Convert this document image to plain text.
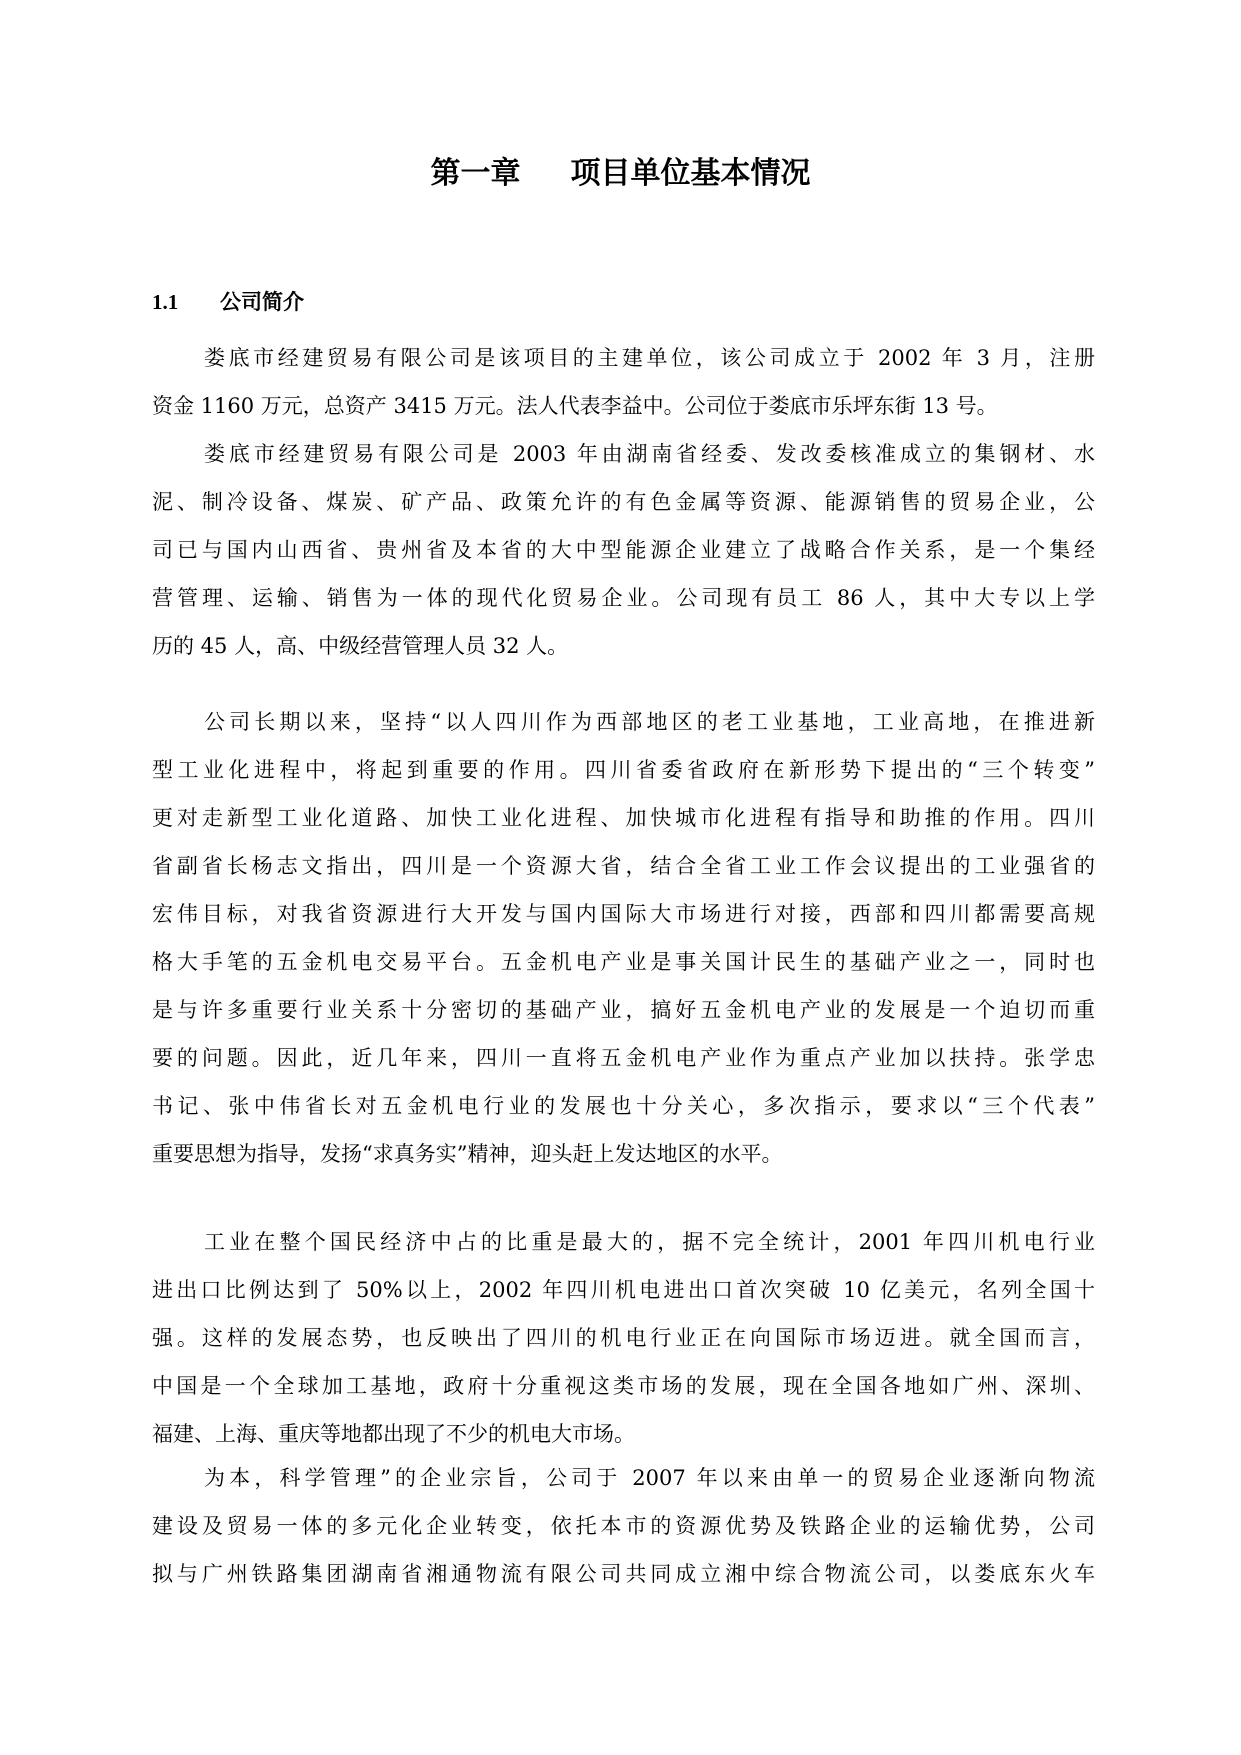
第一章 项目单位基本情况
1.1 公司简介
娄底市经建贸易有限公司是该项目的主建单位，该公司成立于 2002 年 3 月，注册
资金 1160 万元，总资产 3415 万元。法人代表李益中。公司位于娄底市乐坪东街 13 号。
娄底市经建贸易有限公司是 2003 年由湖南省经委、发改委核准成立的集钢材、水
泥、制冷设备、煤炭、矿产品、政策允许的有色金属等资源、能源销售的贸易企业，公
司已与国内山西省、贵州省及本省的大中型能源企业建立了战略合作关系，是一个集经
营管理、运输、销售为一体的现代化贸易企业。公司现有员工 86 人，其中大专以上学
历的 45 人，高、中级经营管理人员 32 人。
公司长期以来，坚持“以人四川作为西部地区的老工业基地，工业高地，在推进新
型工业化进程中，将起到重要的作用。四川省委省政府在新形势下提出的“三个转变”
更对走新型工业化道路、加快工业化进程、加快城市化进程有指导和助推的作用。四川
省副省长杨志文指出，四川是一个资源大省，结合全省工业工作会议提出的工业强省的
宏伟目标，对我省资源进行大开发与国内国际大市场进行对接，西部和四川都需要高规
格大手笔的五金机电交易平台。五金机电产业是事关国计民生的基础产业之一，同时也
是与许多重要行业关系十分密切的基础产业，搞好五金机电产业的发展是一个迫切而重
要的问题。因此，近几年来，四川一直将五金机电产业作为重点产业加以扶持。张学忠
书记、张中伟省长对五金机电行业的发展也十分关心，多次指示，要求以“三个代表”
重要思想为指导，发扬“求真务实”精神，迎头赶上发达地区的水平。
工业在整个国民经济中占的比重是最大的，据不完全统计，2001 年四川机电行业
进出口比例达到了 50%以上，2002 年四川机电进出口首次突破 10 亿美元，名列全国十
强。这样的发展态势，也反映出了四川的机电行业正在向国际市场迈进。就全国而言，
中国是一个全球加工基地，政府十分重视这类市场的发展，现在全国各地如广州、深圳、
福建、上海、重庆等地都出现了不少的机电大市场。
为本，科学管理”的企业宗旨，公司于 2007 年以来由单一的贸易企业逐渐向物流
建设及贸易一体的多元化企业转变，依托本市的资源优势及铁路企业的运输优势，公司
拟与广州铁路集团湖南省湘通物流有限公司共同成立湘中综合物流公司，以娄底东火车
